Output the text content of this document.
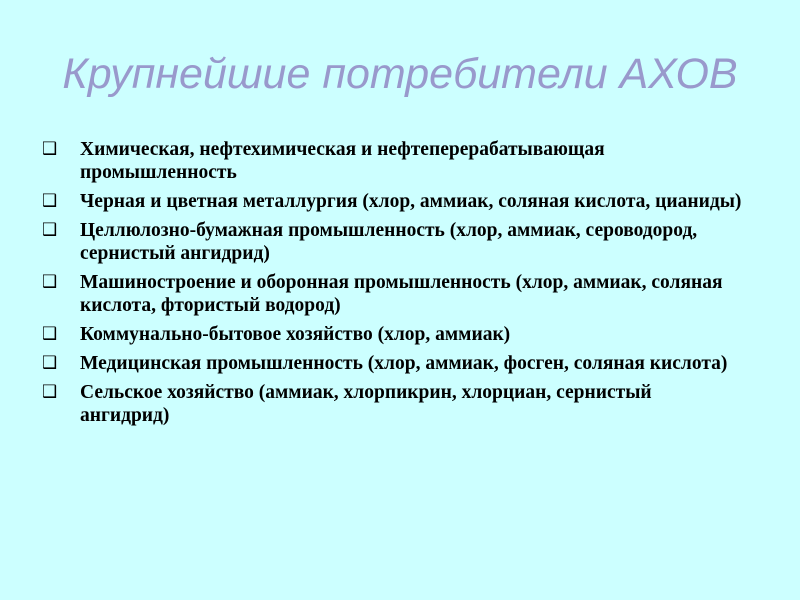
Крупнейшие потребители АХОВ
❑ Химическая, нефтехимическая и нефтеперерабатывающая промышленность
❑ Черная и цветная металлургия (хлор, аммиак, соляная кислота, цианиды)
❑ Целлюлозно-бумажная промышленность (хлор, аммиак, сероводород, сернистый ангидрид)
❑ Машиностроение и оборонная промышленность (хлор, аммиак, соляная кислота, фтористый водород)
❑ Коммунально-бытовое хозяйство (хлор, аммиак)
❑ Медицинская промышленность (хлор, аммиак, фосген, соляная кислота)
❑ Сельское хозяйство (аммиак, хлорпикрин, хлорциан, сернистый ангидрид)
